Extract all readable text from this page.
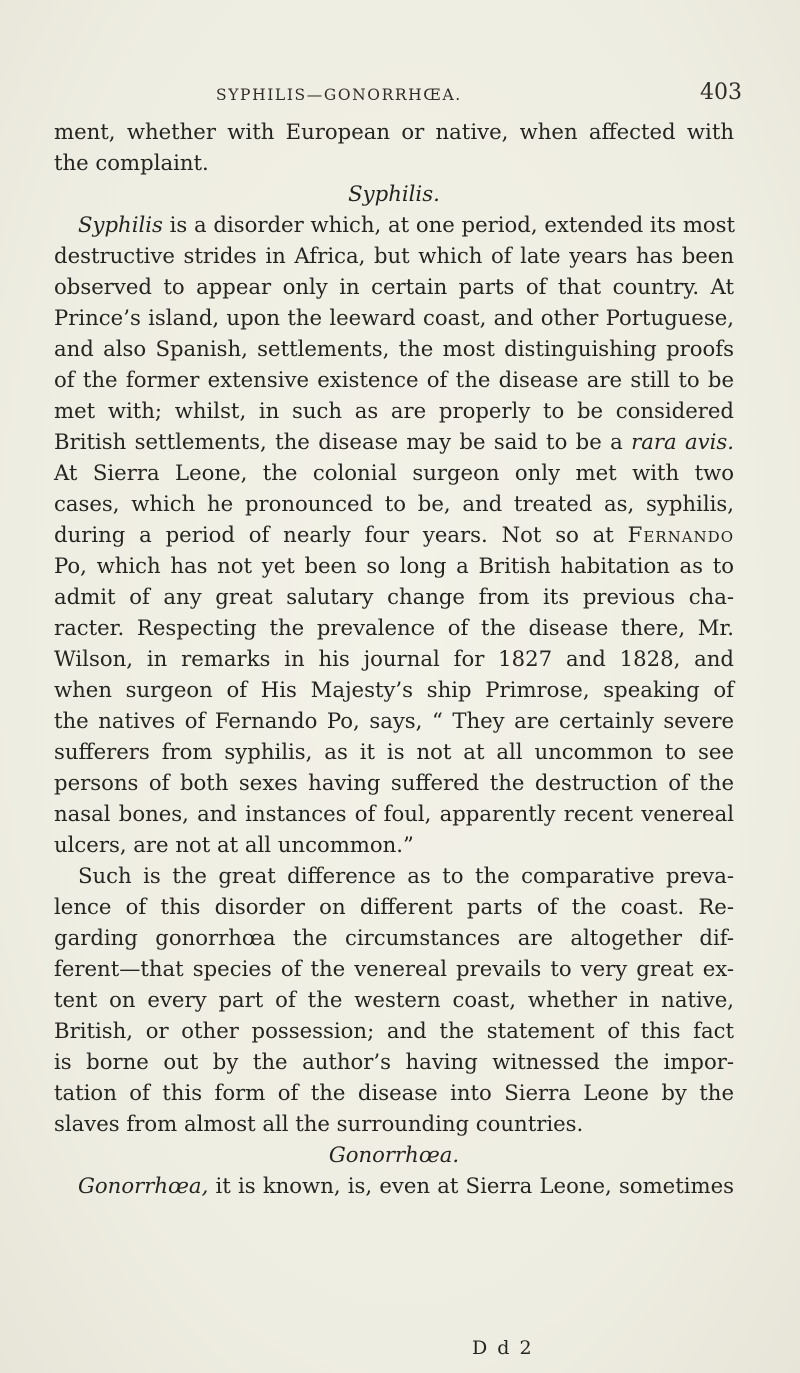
SYPHILIS—GONORRHŒA.	403
ment, whether with European or native, when affected with
the complaint.
Syphilis.
Syphilis is a disorder which, at one period, extended its most
destructive strides in Africa, but which of late years has been
observed to appear only in certain parts of that country. At
Prince’s island, upon the leeward coast, and other Portuguese,
and also Spanish, settlements, the most distinguishing proofs
of the former extensive existence of the disease are still to be
met with; whilst, in such as are properly to be considered
British settlements, the disease may be said to be a rara avis.
At Sierra Leone, the colonial surgeon only met with two
cases, which he pronounced to be, and treated as, syphilis,
during a period of nearly four years. Not so at Fernando
Po, which has not yet been so long a British habitation as to
admit of any great salutary change from its previous cha-
racter. Respecting the prevalence of the disease there, Mr.
Wilson, in remarks in his journal for 1827 and 1828, and
when surgeon of His Majesty’s ship Primrose, speaking of
the natives of Fernando Po, says, “ They are certainly severe
sufferers from syphilis, as it is not at all uncommon to see
persons of both sexes having suffered the destruction of the
nasal bones, and instances of foul, apparently recent venereal
ulcers, are not at all uncommon.”
Such is the great difference as to the comparative preva-
lence of this disorder on different parts of the coast. Re-
garding gonorrhœa the circumstances are altogether dif-
ferent—that species of the venereal prevails to very great ex-
tent on every part of the western coast, whether in native,
British, or other possession; and the statement of this fact
is borne out by the author’s having witnessed the impor-
tation of this form of the disease into Sierra Leone by the
slaves from almost all the surrounding countries.
Gonorrhœa.
Gonorrhœa, it is known, is, even at Sierra Leone, sometimes
D d 2
